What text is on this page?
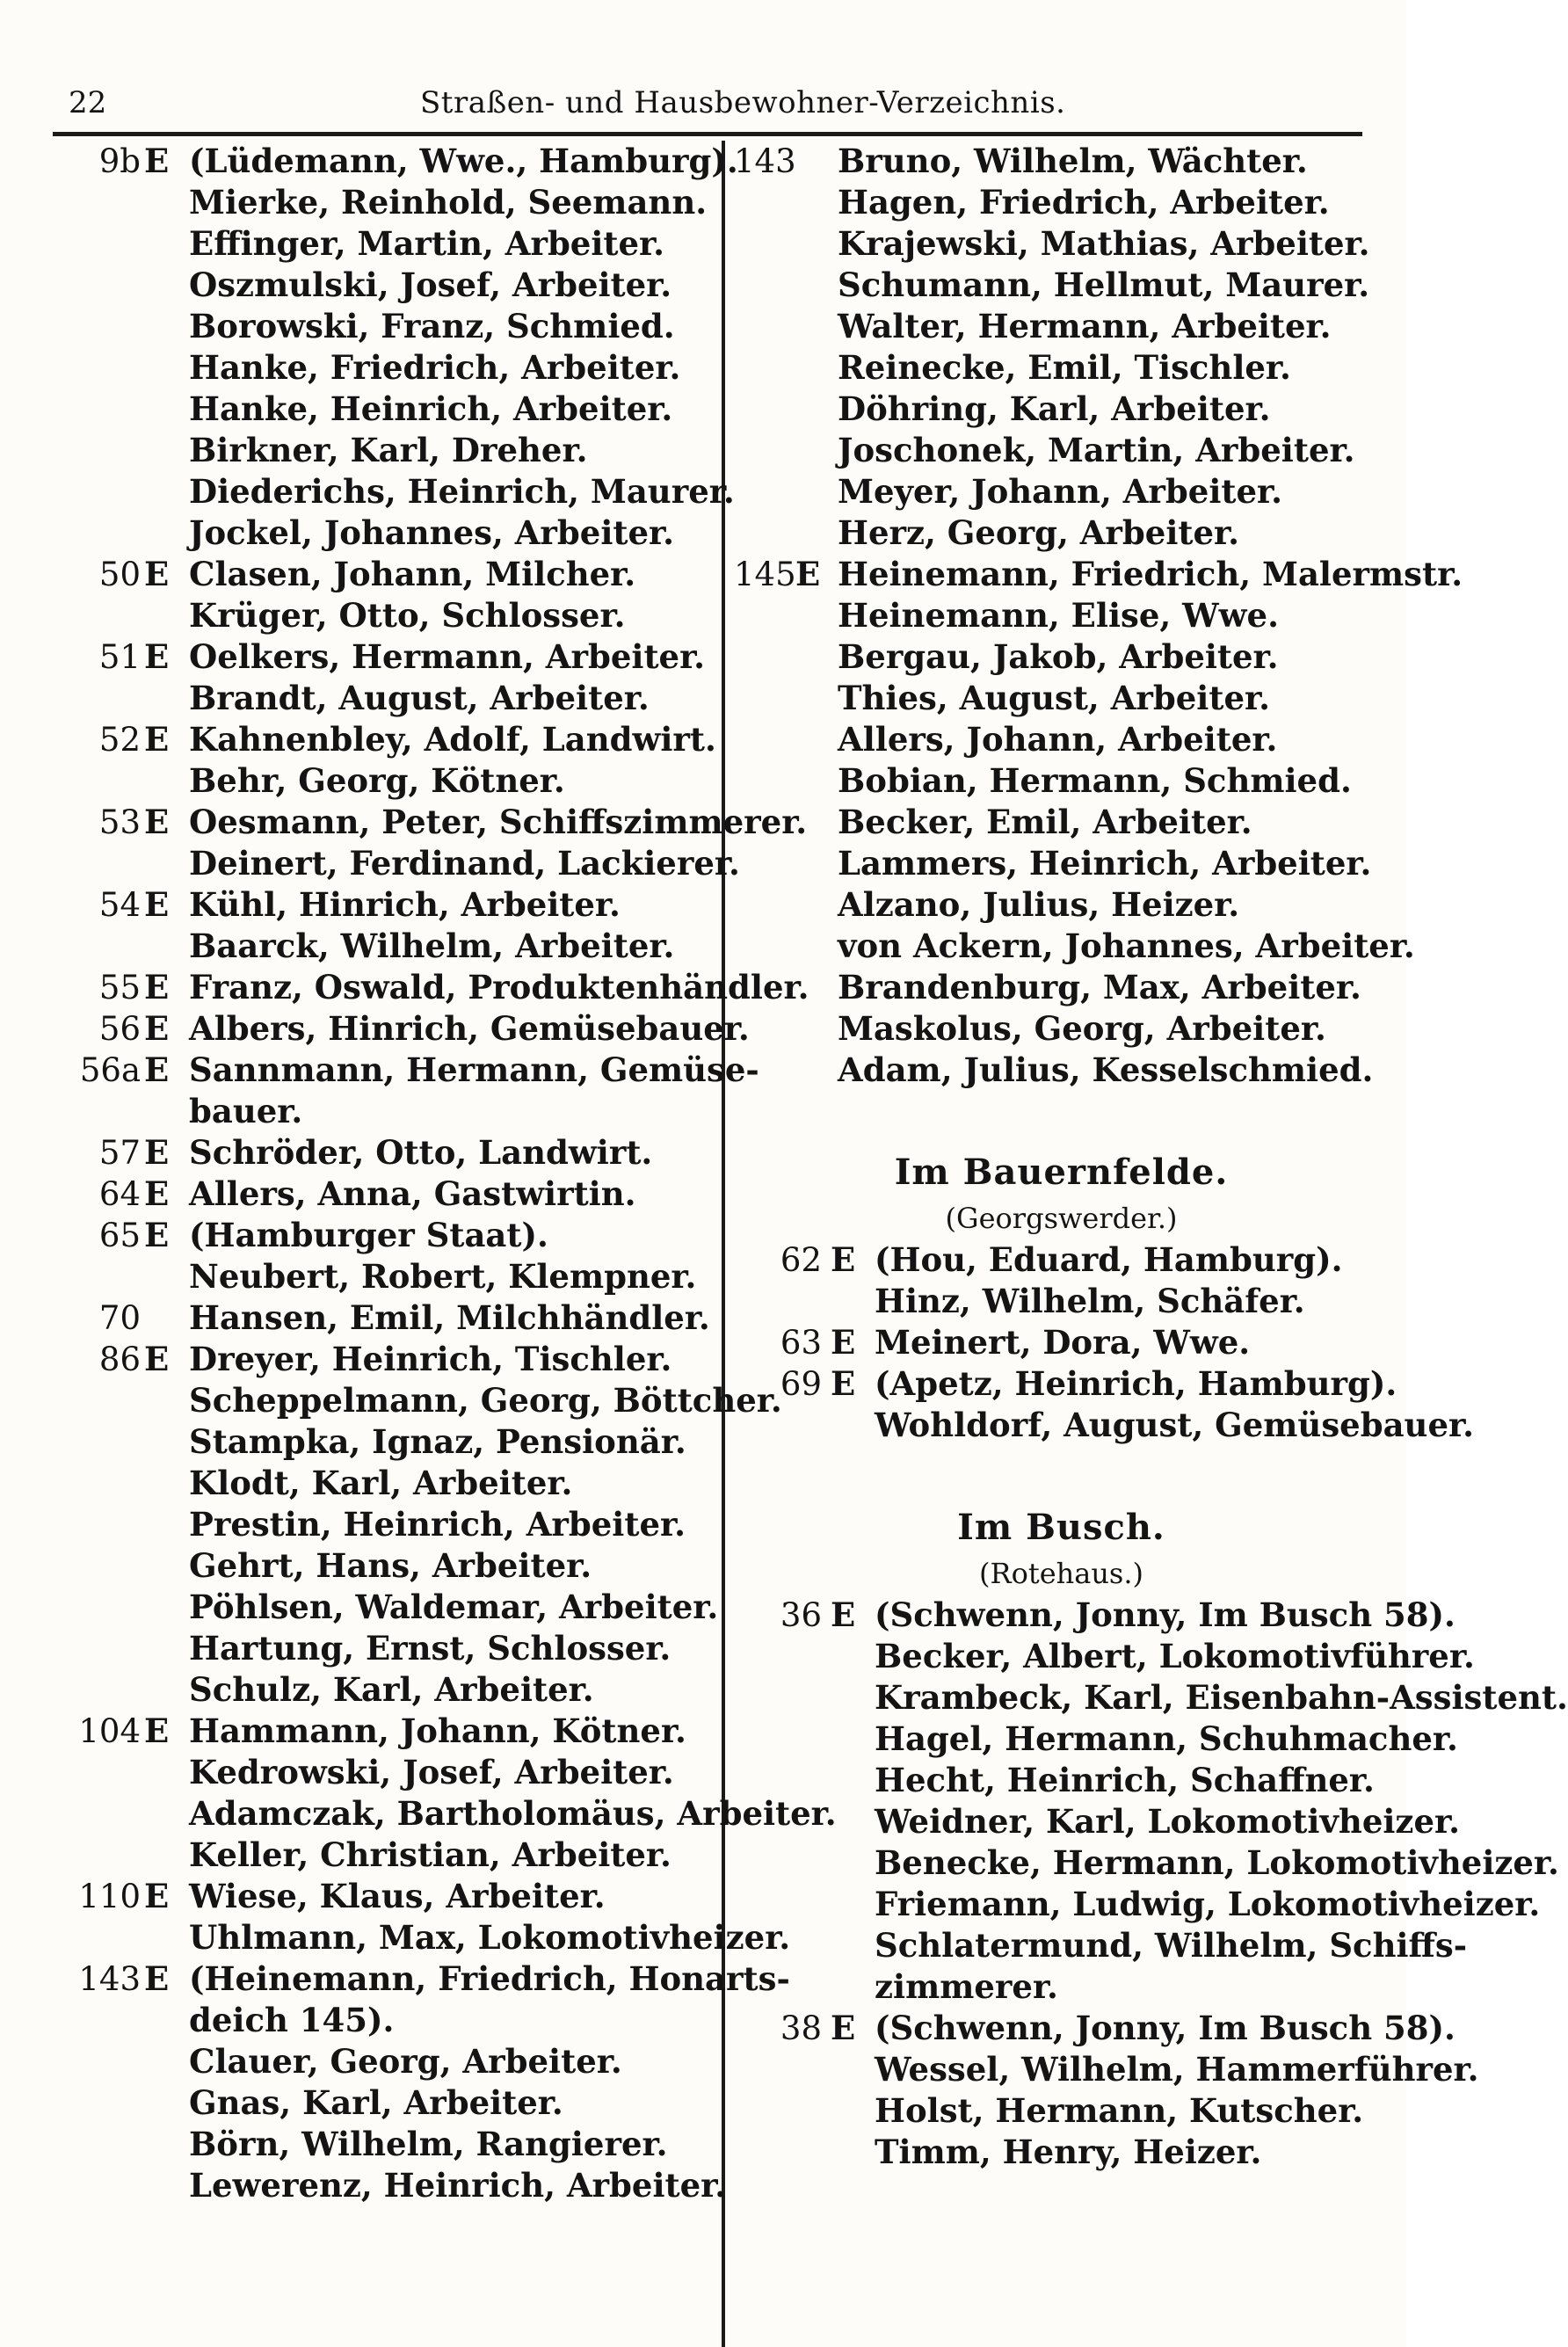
22	Straßen- und Hausbewohner-Verzeichnis.
9b E (Lüdemann, Wwe., Hamburg).
Mierke, Reinhold, Seemann.
Effinger, Martin, Arbeiter.
Oszmulski, Josef, Arbeiter.
Borowski, Franz, Schmied.
Hanke, Friedrich, Arbeiter.
Hanke, Heinrich, Arbeiter.
Birkner, Karl, Dreher.
Diederichs, Heinrich, Maurer.
Jockel, Johannes, Arbeiter.
50 E Clasen, Johann, Milcher.
Krüger, Otto, Schlosser.
51 E Oelkers, Hermann, Arbeiter.
Brandt, August, Arbeiter.
52 E Kahnenbley, Adolf, Landwirt.
Behr, Georg, Kötner.
53 E Oesmann, Peter, Schiffszimmerer.
Deinert, Ferdinand, Lackierer.
54 E Kühl, Hinrich, Arbeiter.
Baarck, Wilhelm, Arbeiter.
55 E Franz, Oswald, Produktenhändler.
56 E Albers, Hinrich, Gemüsebauer.
56a E Sannmann, Hermann, Gemüse-
bauer.
57 E Schröder, Otto, Landwirt.
64 E Allers, Anna, Gastwirtin.
65 E (Hamburger Staat).
Neubert, Robert, Klempner.
70 Hansen, Emil, Milchhändler.
86 E Dreyer, Heinrich, Tischler.
Scheppelmann, Georg, Böttcher.
Stampka, Ignaz, Pensionär.
Klodt, Karl, Arbeiter.
Prestin, Heinrich, Arbeiter.
Gehrt, Hans, Arbeiter.
Pöhlsen, Waldemar, Arbeiter.
Hartung, Ernst, Schlosser.
Schulz, Karl, Arbeiter.
104 E Hammann, Johann, Kötner.
Kedrowski, Josef, Arbeiter.
Adamczak, Bartholomäus, Arbeiter.
Keller, Christian, Arbeiter.
110 E Wiese, Klaus, Arbeiter.
Uhlmann, Max, Lokomotivheizer.
143 E (Heinemann, Friedrich, Honarts-
deich 145).
Clauer, Georg, Arbeiter.
Gnas, Karl, Arbeiter.
Börn, Wilhelm, Rangierer.
Lewerenz, Heinrich, Arbeiter.
143 Bruno, Wilhelm, Wächter.
Hagen, Friedrich, Arbeiter.
Krajewski, Mathias, Arbeiter.
Schumann, Hellmut, Maurer.
Walter, Hermann, Arbeiter.
Reinecke, Emil, Tischler.
Döhring, Karl, Arbeiter.
Joschonek, Martin, Arbeiter.
Meyer, Johann, Arbeiter.
Herz, Georg, Arbeiter.
145 E Heinemann, Friedrich, Malermstr.
Heinemann, Elise, Wwe.
Bergau, Jakob, Arbeiter.
Thies, August, Arbeiter.
Allers, Johann, Arbeiter.
Bobian, Hermann, Schmied.
Becker, Emil, Arbeiter.
Lammers, Heinrich, Arbeiter.
Alzano, Julius, Heizer.
von Ackern, Johannes, Arbeiter.
Brandenburg, Max, Arbeiter.
Maskolus, Georg, Arbeiter.
Adam, Julius, Kesselschmied.
Im Bauernfelde.
(Georgswerder.)
62 E (Hou, Eduard, Hamburg).
Hinz, Wilhelm, Schäfer.
63 E Meinert, Dora, Wwe.
69 E (Apetz, Heinrich, Hamburg).
Wohldorf, August, Gemüsebauer.
Im Busch.
(Rotehaus.)
36 E (Schwenn, Jonny, Im Busch 58).
Becker, Albert, Lokomotivführer.
Krambeck, Karl, Eisenbahn-Assistent.
Hagel, Hermann, Schuhmacher.
Hecht, Heinrich, Schaffner.
Weidner, Karl, Lokomotivheizer.
Benecke, Hermann, Lokomotivheizer.
Friemann, Ludwig, Lokomotivheizer.
Schlatermund, Wilhelm, Schiffs-
zimmerer.
38 E (Schwenn, Jonny, Im Busch 58).
Wessel, Wilhelm, Hammerführer.
Holst, Hermann, Kutscher.
Timm, Henry, Heizer.
